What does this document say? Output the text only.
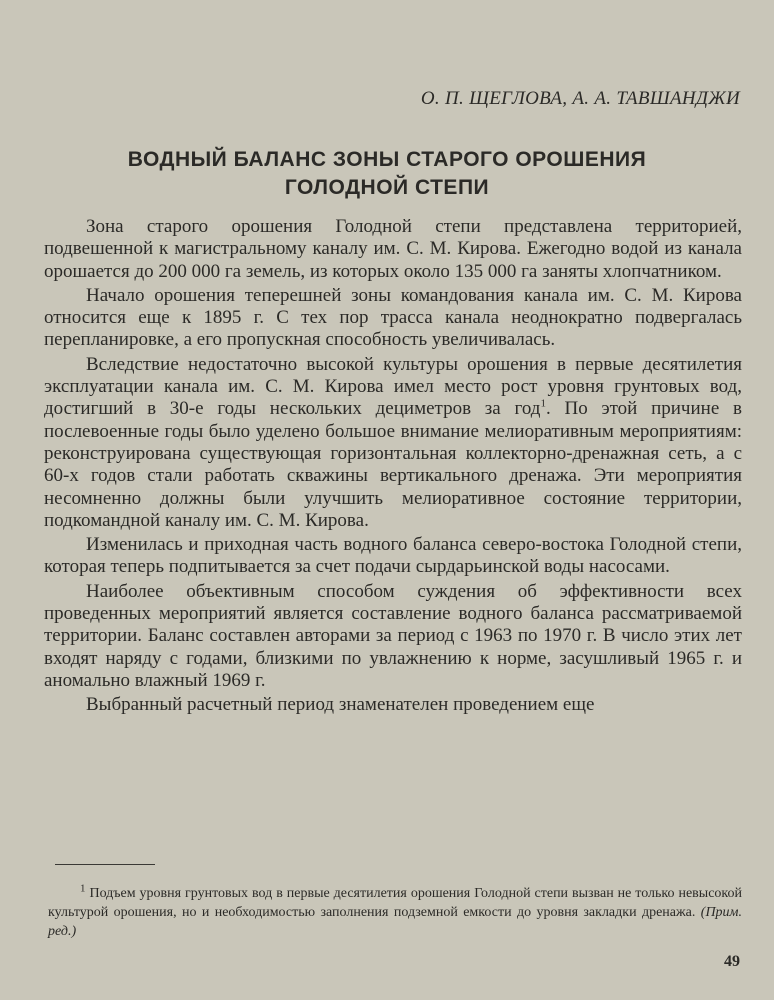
О. П. ЩЕГЛОВА, А. А. ТАВШАНДЖИ
ВОДНЫЙ БАЛАНС ЗОНЫ СТАРОГО ОРОШЕНИЯ
ГОЛОДНОЙ СТЕПИ

Зона старого орошения Голодной степи представлена территорией, подвешенной к магистральному каналу им. С. М. Кирова. Ежегодно водой из канала орошается до 200 000 га земель, из которых около 135 000 га заняты хлопчатником.

Начало орошения теперешней зоны командования канала им. С. М. Кирова относится еще к 1895 г. С тех пор трасса канала неоднократно подвергалась перепланировке, а его пропускная способность увеличивалась.

Вследствие недостаточно высокой культуры орошения в первые десятилетия эксплуатации канала им. С. М. Кирова имел место рост уровня грунтовых вод, достигший в 30-е годы нескольких дециметров за год$^1$. По этой причине в послевоенные годы было уделено большое внимание мелиоративным мероприятиям: реконструирована существующая горизонтальная коллекторно-дренажная сеть, а с 60-х годов стали работать скважины вертикального дренажа. Эти мероприятия несомненно должны были улучшить мелиоративное состояние территории, подкомандной каналу им. С. М. Кирова.

Изменилась и приходная часть водного баланса северо-востока Голодной степи, которая теперь подпитывается за счет подачи сырдарьинской воды насосами.

Наиболее объективным способом суждения об эффективности всех проведенных мероприятий является составление водного баланса рассматриваемой территории. Баланс составлен авторами за период с 1963 по 1970 г. В число этих лет входят наряду с годами, близкими по увлажнению к норме, засушливый 1965 г. и аномально влажный 1969 г.

Выбранный расчетный период знаменателен проведением еще

$^1$ Подъем уровня грунтовых вод в первые десятилетия орошения Голодной степи вызван не только невысокой культурой орошения, но и необходимостью заполнения подземной емкости до уровня закладки дренажа. (Прим. ред.)
49
